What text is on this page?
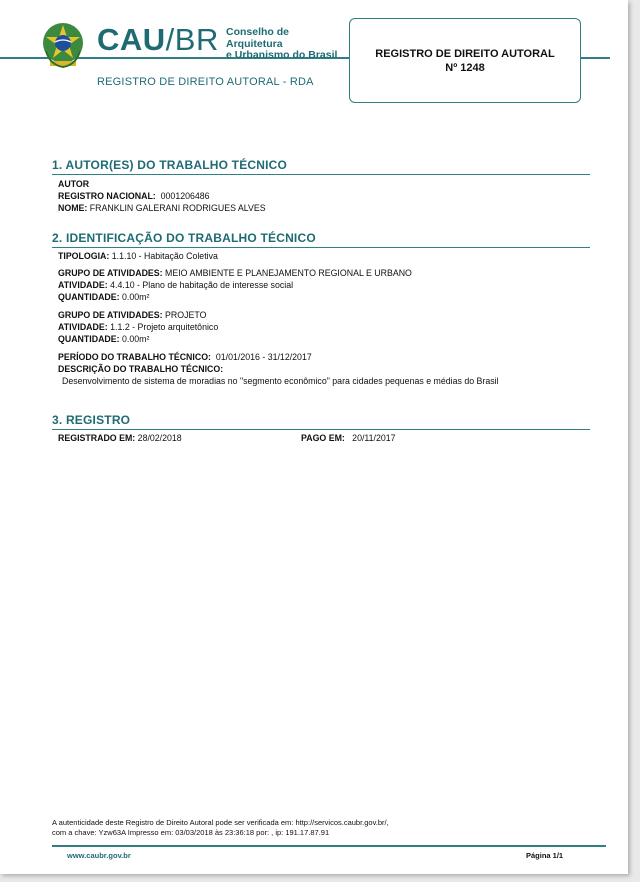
CAU/BR Conselho de Arquitetura
e Urbanismo do Brasil
REGISTRO DE DIREITO AUTORAL - RDA
REGISTRO DE DIREITO AUTORAL
Nº 1248
1. AUTOR(ES) DO TRABALHO TÉCNICO
AUTOR
REGISTRO NACIONAL: 0001206486
NOME: FRANKLIN GALERANI RODRIGUES ALVES
2. IDENTIFICAÇÃO DO TRABALHO TÉCNICO
TIPOLOGIA: 1.1.10 - Habitação Coletiva
GRUPO DE ATIVIDADES: MEIO AMBIENTE E PLANEJAMENTO REGIONAL E URBANO
ATIVIDADE: 4.4.10 - Plano de habitação de interesse social
QUANTIDADE: 0.00m²
GRUPO DE ATIVIDADES: PROJETO
ATIVIDADE: 1.1.2 - Projeto arquitetônico
QUANTIDADE: 0.00m²
PERÍODO DO TRABALHO TÉCNICO: 01/01/2016 - 31/12/2017
DESCRIÇÃO DO TRABALHO TÉCNICO:
Desenvolvimento de sistema de moradias no "segmento econômico" para cidades pequenas e médias do Brasil
3. REGISTRO
REGISTRADO EM: 28/02/2018	PAGO EM: 20/11/2017
A autenticidade deste Registro de Direito Autoral pode ser verificada em: http://servicos.caubr.gov.br/,
com a chave: Yzw63A Impresso em: 03/03/2018 às 23:36:18 por: , ip: 191.17.87.91
www.caubr.gov.br	Página 1/1
